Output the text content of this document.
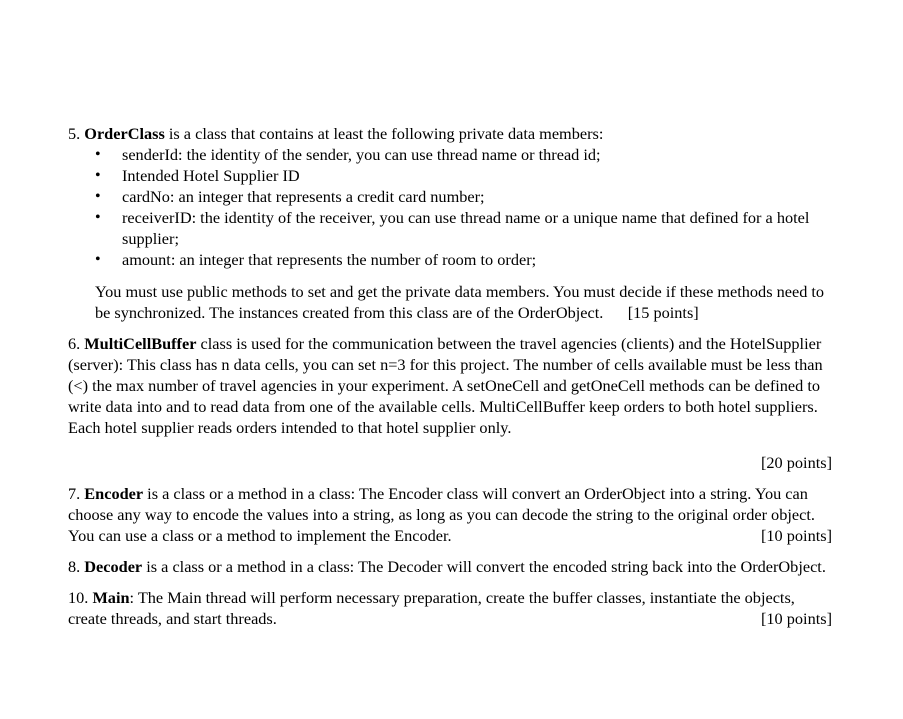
5. OrderClass is a class that contains at least the following private data members:

• senderId: the identity of the sender, you can use thread name or thread id;
• Intended Hotel Supplier ID
• cardNo: an integer that represents a credit card number;
• receiverID: the identity of the receiver, you can use thread name or a unique name that defined for a hotel supplier;
• amount: an integer that represents the number of room to order;

You must use public methods to set and get the private data members. You must decide if these methods need to be synchronized. The instances created from this class are of the OrderObject. [15 points]

6. MultiCellBuffer class is used for the communication between the travel agencies (clients) and the HotelSupplier (server): This class has n data cells, you can set n=3 for this project. The number of cells available must be less than (<) the max number of travel agencies in your experiment. A setOneCell and getOneCell methods can be defined to write data into and to read data from one of the available cells. MultiCellBuffer keep orders to both hotel suppliers. Each hotel supplier reads orders intended to that hotel supplier only.

[20 points]

7. Encoder is a class or a method in a class: The Encoder class will convert an OrderObject into a string. You can choose any way to encode the values into a string, as long as you can decode the string to the original order object. You can use a class or a method to implement the Encoder.	[10 points]

8. Decoder is a class or a method in a class: The Decoder will convert the encoded string back into the OrderObject.

10. Main: The Main thread will perform necessary preparation, create the buffer classes, instantiate the objects, create threads, and start threads.	[10 points]
